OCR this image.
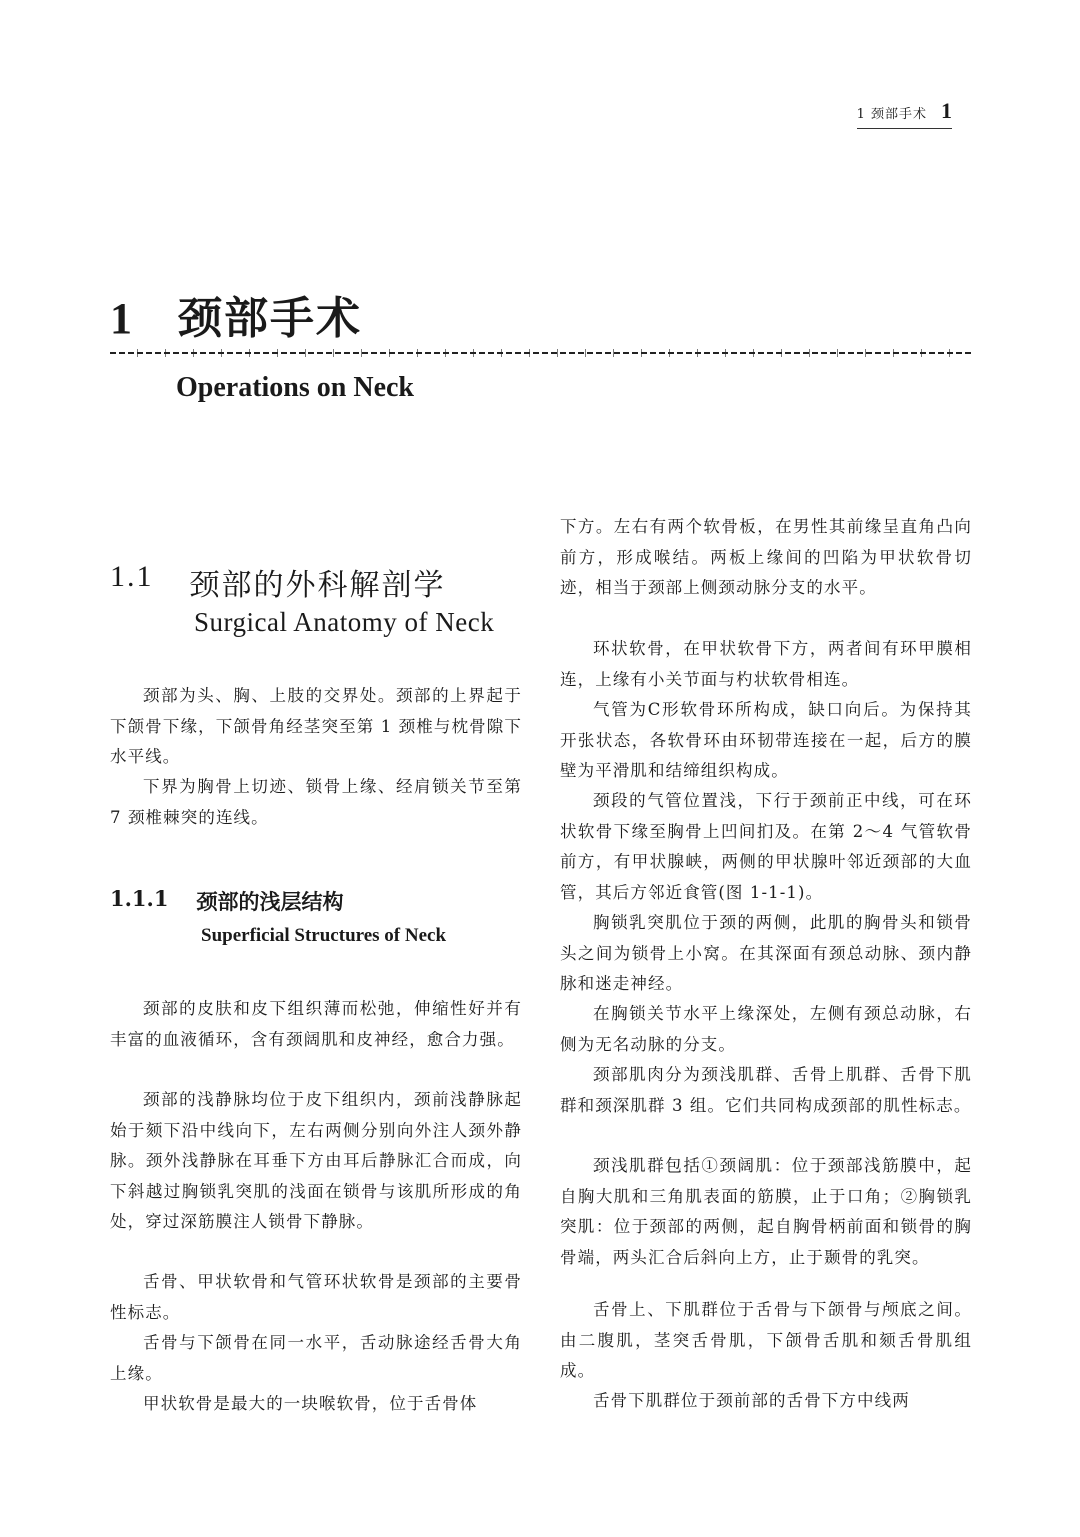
1 颈部手术 1
1 颈部手术
Operations on Neck
1.1 颈部的外科解剖学
Surgical Anatomy of Neck

颈部为头、胸、上肢的交界处。颈部的上界起于下颌骨下缘，下颌骨角经茎突至第 1 颈椎与枕骨隙下水平线。

下界为胸骨上切迹、锁骨上缘、经肩锁关节至第 7 颈椎棘突的连线。

1.1.1 颈部的浅层结构
Superficial Structures of Neck

颈部的皮肤和皮下组织薄而松弛，伸缩性好并有丰富的血液循环，含有颈阔肌和皮神经，愈合力强。

颈部的浅静脉均位于皮下组织内，颈前浅静脉起始于颏下沿中线向下，左右两侧分别向外注人颈外静脉。颈外浅静脉在耳垂下方由耳后静脉汇合而成，向下斜越过胸锁乳突肌的浅面在锁骨与该肌所形成的角处，穿过深筋膜注人锁骨下静脉。

舌骨、甲状软骨和气管环状软骨是颈部的主要骨性标志。

舌骨与下颌骨在同一水平，舌动脉途经舌骨大角上缘。

甲状软骨是最大的一块喉软骨，位于舌骨体

下方。左右有两个软骨板，在男性其前缘呈直角凸向前方，形成喉结。两板上缘间的凹陷为甲状软骨切迹，相当于颈部上侧颈动脉分支的水平。

环状软骨，在甲状软骨下方，两者间有环甲膜相连，上缘有小关节面与杓状软骨相连。

气管为C形软骨环所构成，缺口向后。为保持其开张状态，各软骨环由环韧带连接在一起，后方的膜壁为平滑肌和结缔组织构成。

颈段的气管位置浅，下行于颈前正中线，可在环状软骨下缘至胸骨上凹间扪及。在第 2～4 气管软骨前方，有甲状腺峡，两侧的甲状腺叶邻近颈部的大血管，其后方邻近食管(图 1-1-1)。

胸锁乳突肌位于颈的两侧，此肌的胸骨头和锁骨头之间为锁骨上小窝。在其深面有颈总动脉、颈内静脉和迷走神经。

在胸锁关节水平上缘深处，左侧有颈总动脉，右侧为无名动脉的分支。

颈部肌肉分为颈浅肌群、舌骨上肌群、舌骨下肌群和颈深肌群 3 组。它们共同构成颈部的肌性标志。

颈浅肌群包括①颈阔肌：位于颈部浅筋膜中，起自胸大肌和三角肌表面的筋膜，止于口角；②胸锁乳突肌：位于颈部的两侧，起自胸骨柄前面和锁骨的胸骨端，两头汇合后斜向上方，止于颞骨的乳突。

舌骨上、下肌群位于舌骨与下颌骨与颅底之间。由二腹肌，茎突舌骨肌，下颌骨舌肌和颏舌骨肌组成。

舌骨下肌群位于颈前部的舌骨下方中线两
